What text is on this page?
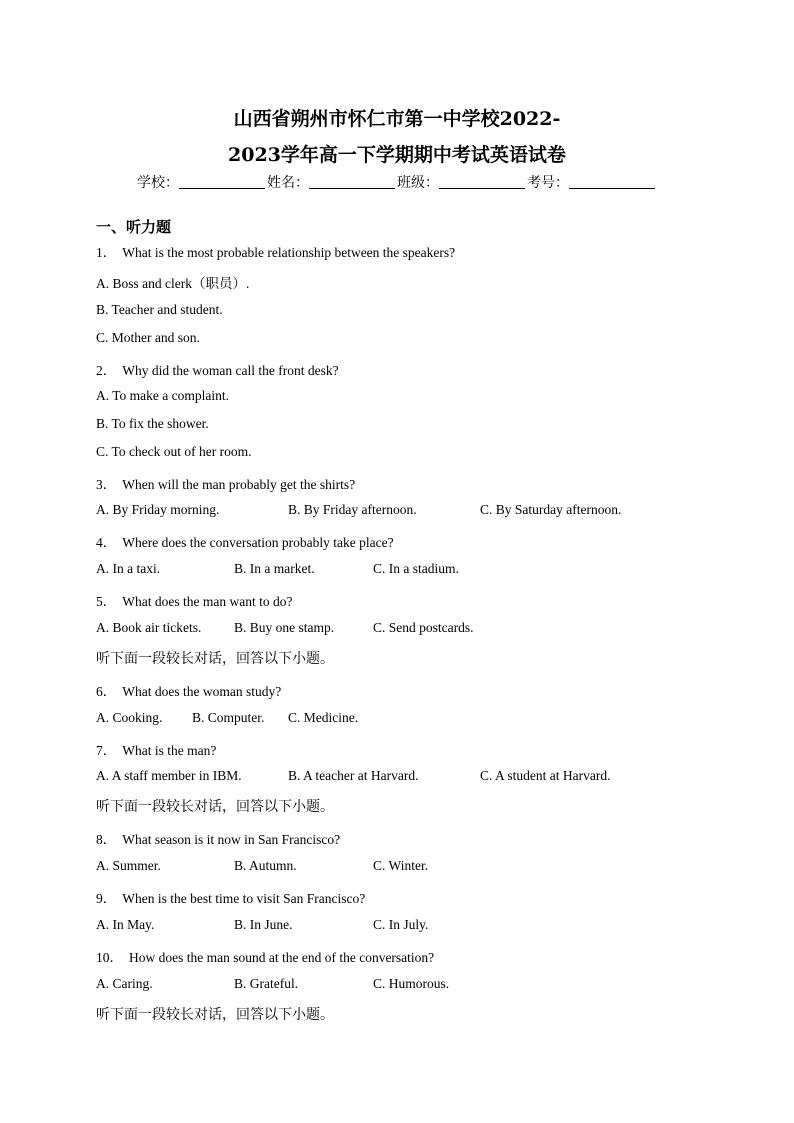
山西省朔州市怀仁市第一中学校2022-
2023学年高一下学期期中考试英语试卷
学校：	姓名：	班级：	考号：
一、听力题
1． What is the most probable relationship between the speakers?
A. Boss and clerk（职员）.
B. Teacher and student.
C. Mother and son.
2． Why did the woman call the front desk?
A. To make a complaint.
B. To fix the shower.
C. To check out of her room.
3． When will the man probably get the shirts?
A. By Friday morning.	B. By Friday afternoon.	C. By Saturday afternoon.
4． Where does the conversation probably take place?
A. In a taxi.	B. In a market.	C. In a stadium.
5． What does the man want to do?
A. Book air tickets. B. Buy one stamp.	C. Send postcards.
听下面一段较长对话，回答以下小题。
6． What does the woman study?
A. Cooking. B. Computer. C. Medicine.
7． What is the man?
A. A staff member in IBM.	B. A teacher at Harvard.	C. A student at Harvard.
听下面一段较长对话，回答以下小题。
8． What season is it now in San Francisco?
A. Summer.	B. Autumn.	C. Winter.
9． When is the best time to visit San Francisco?
A. In May.	B. In June.	C. In July.
10． How does the man sound at the end of the conversation?
A. Caring.	B. Grateful.	C. Humorous.
听下面一段较长对话，回答以下小题。
